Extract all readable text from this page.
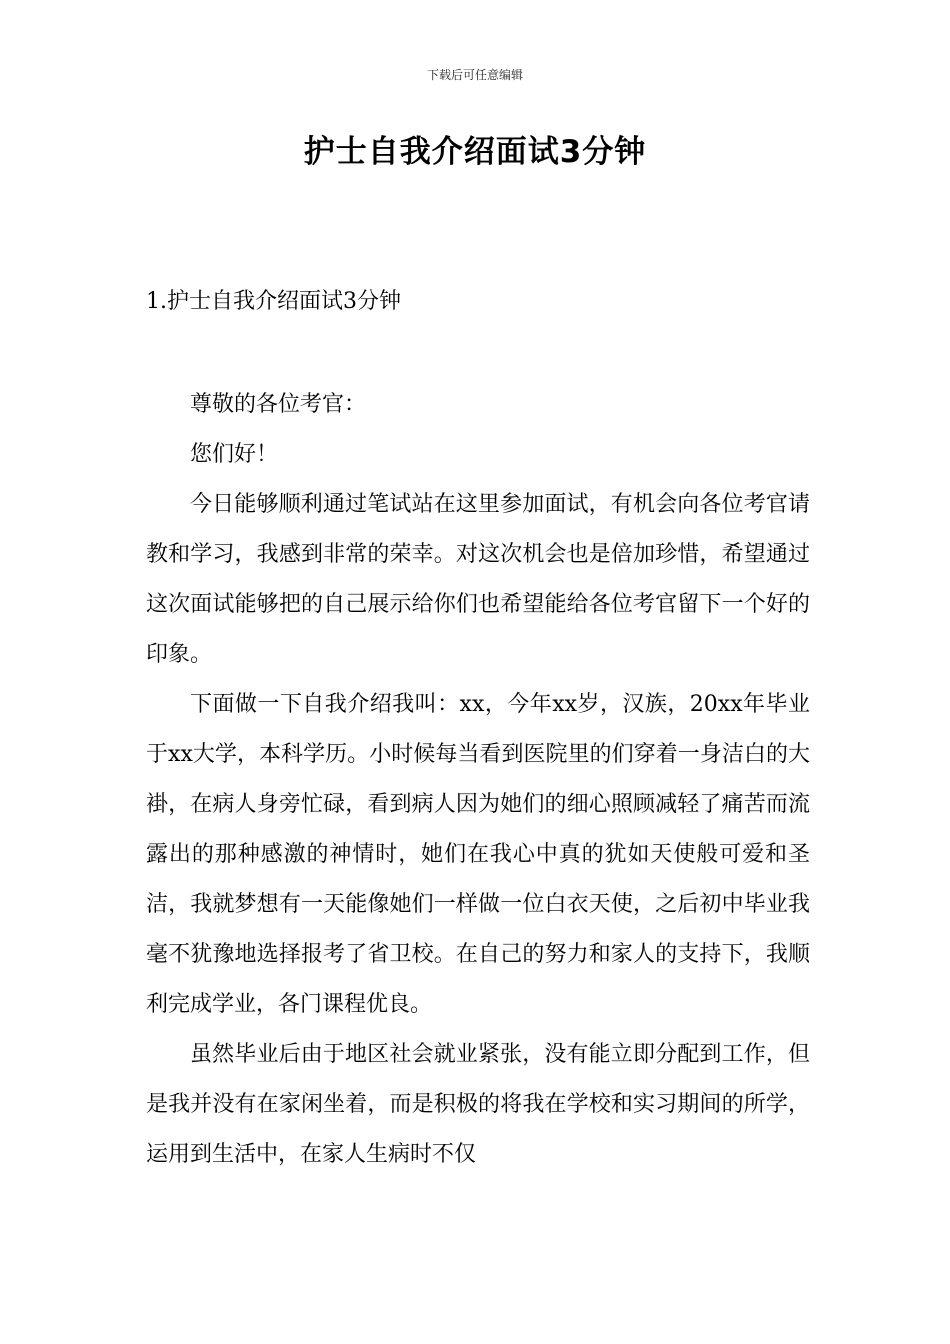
下载后可任意编辑
护士自我介绍面试3分钟
1.护士自我介绍面试3分钟

尊敬的各位考官：

您们好！

今日能够顺利通过笔试站在这里参加面试，有机会向各位考官请教和学习，我感到非常的荣幸。对这次机会也是倍加珍惜，希望通过这次面试能够把的自己展示给你们也希望能给各位考官留下一个好的印象。

下面做一下自我介绍我叫：xx，今年xx岁，汉族，20xx年毕业于xx大学，本科学历。小时候每当看到医院里的们穿着一身洁白的大褂，在病人身旁忙碌，看到病人因为她们的细心照顾减轻了痛苦而流露出的那种感激的神情时，她们在我心中真的犹如天使般可爱和圣洁，我就梦想有一天能像她们一样做一位白衣天使，之后初中毕业我毫不犹豫地选择报考了省卫校。在自己的努力和家人的支持下，我顺利完成学业，各门课程优良。

虽然毕业后由于地区社会就业紧张，没有能立即分配到工作，但是我并没有在家闲坐着，而是积极的将我在学校和实习期间的所学，运用到生活中，在家人生病时不仅
